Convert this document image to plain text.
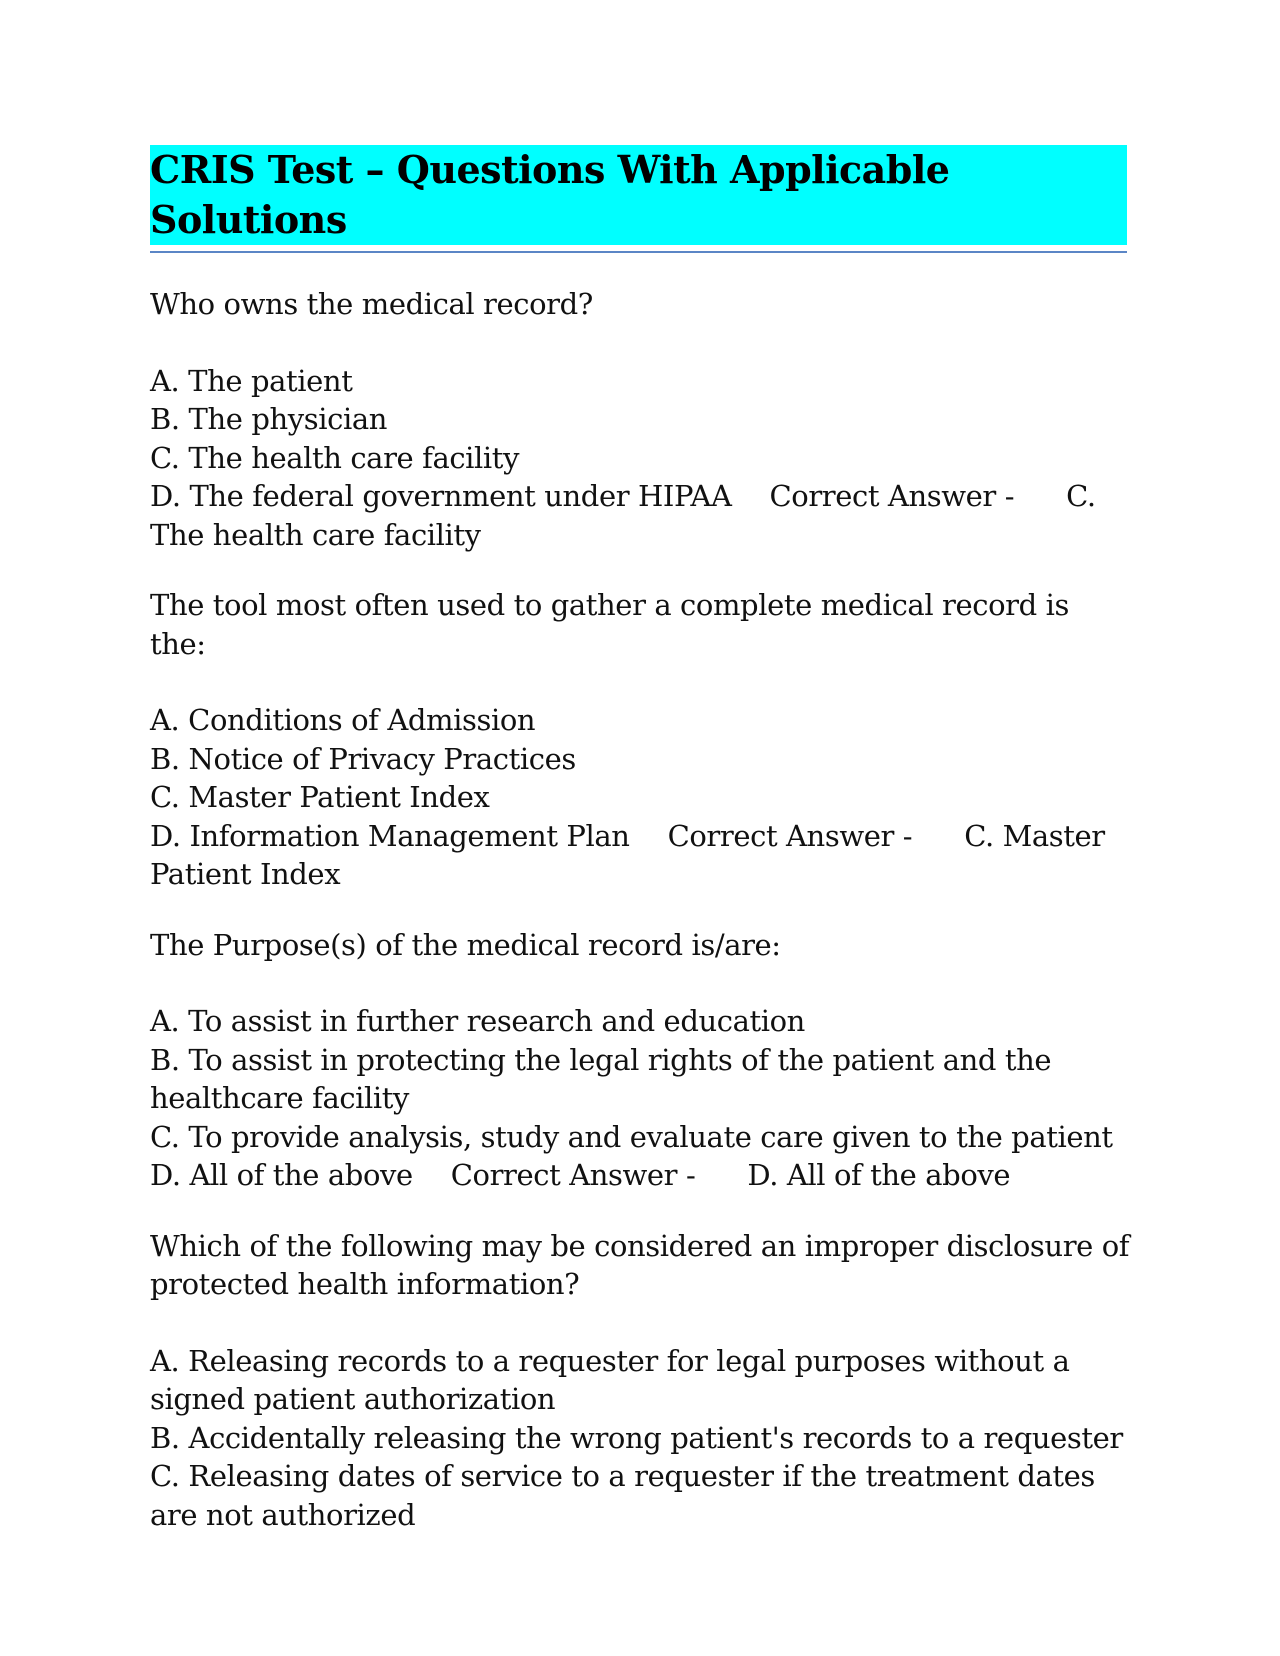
CRIS Test – Questions With Applicable Solutions
Who owns the medical record?
A. The patient
B. The physician
C. The health care facility
D. The federal government under HIPAA Correct Answer - C. The health care facility
The tool most often used to gather a complete medical record is the:
A. Conditions of Admission
B. Notice of Privacy Practices
C. Master Patient Index
D. Information Management Plan Correct Answer - C. Master Patient Index
The Purpose(s) of the medical record is/are:
A. To assist in further research and education
B. To assist in protecting the legal rights of the patient and the healthcare facility
C. To provide analysis, study and evaluate care given to the patient
D. All of the above Correct Answer - D. All of the above
Which of the following may be considered an improper disclosure of protected health information?
A. Releasing records to a requester for legal purposes without a signed patient authorization
B. Accidentally releasing the wrong patient's records to a requester
C. Releasing dates of service to a requester if the treatment dates are not authorized
